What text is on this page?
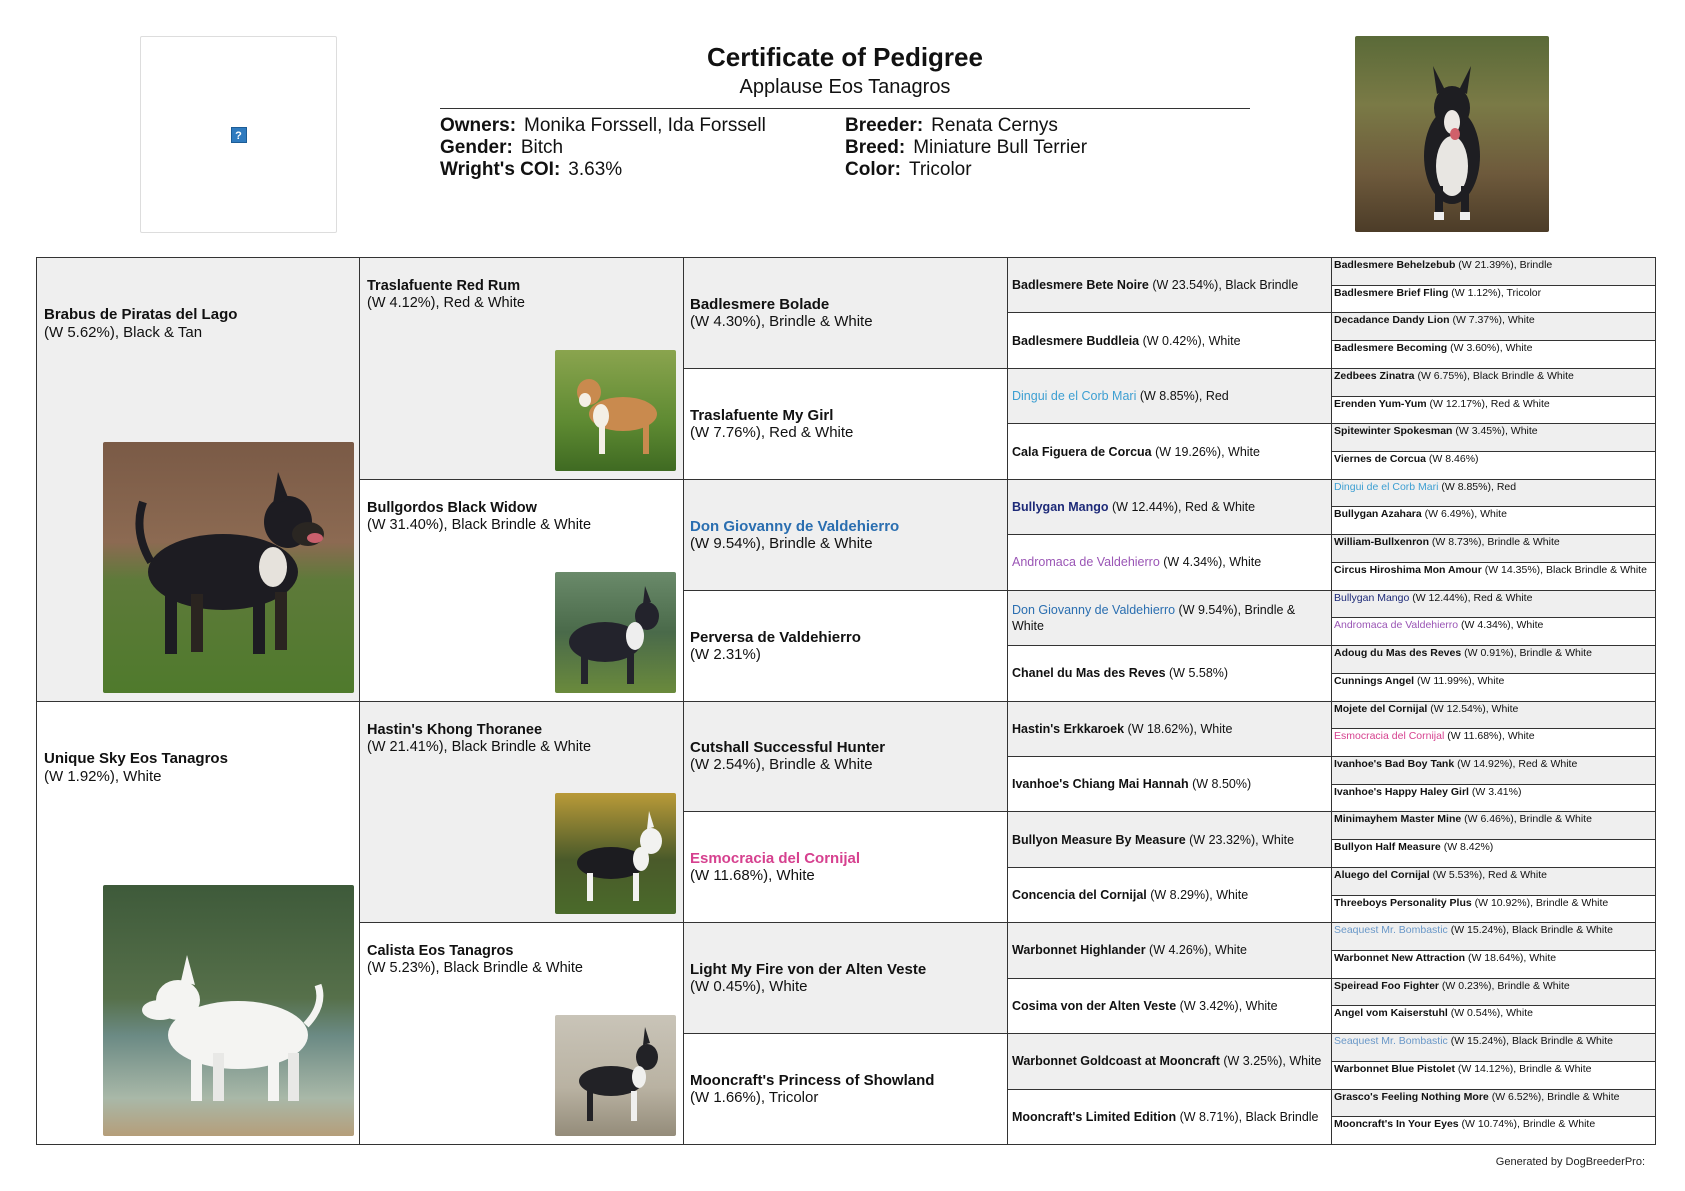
?
Certificate of Pedigree
Applause Eos Tanagros
Owners: Monika Forssell, Ida Forssell
Gender: Bitch
Wright's COI: 3.63%
Breeder: Renata Cernys
Breed: Miniature Bull Terrier
Color: Tricolor
Brabus de Piratas del Lago
(W 5.62%), Black & Tan
Unique Sky Eos Tanagros
(W 1.92%), White
Traslafuente Red Rum
(W 4.12%), Red & White
Bullgordos Black Widow
(W 31.40%), Black Brindle & White
Hastin's Khong Thoranee
(W 21.41%), Black Brindle & White
Calista Eos Tanagros
(W 5.23%), Black Brindle & White
Badlesmere Bolade
(W 4.30%), Brindle & White
Traslafuente My Girl
(W 7.76%), Red & White
Don Giovanny de Valdehierro
(W 9.54%), Brindle & White
Perversa de Valdehierro
(W 2.31%)
Cutshall Successful Hunter
(W 2.54%), Brindle & White
Esmocracia del Cornijal
(W 11.68%), White
Light My Fire von der Alten Veste
(W 0.45%), White
Mooncraft's Princess of Showland
(W 1.66%), Tricolor
Badlesmere Bete Noire (W 23.54%), Black Brindle
Badlesmere Buddleia (W 0.42%), White
Dingui de el Corb Mari (W 8.85%), Red
Cala Figuera de Corcua (W 19.26%), White
Bullygan Mango (W 12.44%), Red & White
Andromaca de Valdehierro (W 4.34%), White
Don Giovanny de Valdehierro (W 9.54%), Brindle & White
Chanel du Mas des Reves (W 5.58%)
Hastin's Erkkaroek (W 18.62%), White
Ivanhoe's Chiang Mai Hannah (W 8.50%)
Bullyon Measure By Measure (W 23.32%), White
Concencia del Cornijal (W 8.29%), White
Warbonnet Highlander (W 4.26%), White
Cosima von der Alten Veste (W 3.42%), White
Warbonnet Goldcoast at Mooncraft (W 3.25%), White
Mooncraft's Limited Edition (W 8.71%), Black Brindle
Badlesmere Behelzebub (W 21.39%), Brindle
Badlesmere Brief Fling (W 1.12%), Tricolor
Decadance Dandy Lion (W 7.37%), White
Badlesmere Becoming (W 3.60%), White
Zedbees Zinatra (W 6.75%), Black Brindle & White
Erenden Yum-Yum (W 12.17%), Red & White
Spitewinter Spokesman (W 3.45%), White
Viernes de Corcua (W 8.46%)
Dingui de el Corb Mari (W 8.85%), Red
Bullygan Azahara (W 6.49%), White
William-Bullxenron (W 8.73%), Brindle & White
Circus Hiroshima Mon Amour (W 14.35%), Black Brindle & White
Bullygan Mango (W 12.44%), Red & White
Andromaca de Valdehierro (W 4.34%), White
Adoug du Mas des Reves (W 0.91%), Brindle & White
Cunnings Angel (W 11.99%), White
Mojete del Cornijal (W 12.54%), White
Esmocracia del Cornijal (W 11.68%), White
Ivanhoe's Bad Boy Tank (W 14.92%), Red & White
Ivanhoe's Happy Haley Girl (W 3.41%)
Minimayhem Master Mine (W 6.46%), Brindle & White
Bullyon Half Measure (W 8.42%)
Aluego del Cornijal (W 5.53%), Red & White
Threeboys Personality Plus (W 10.92%), Brindle & White
Seaquest Mr. Bombastic (W 15.24%), Black Brindle & White
Warbonnet New Attraction (W 18.64%), White
Speiread Foo Fighter (W 0.23%), Brindle & White
Angel vom Kaiserstuhl (W 0.54%), White
Seaquest Mr. Bombastic (W 15.24%), Black Brindle & White
Warbonnet Blue Pistolet (W 14.12%), Brindle & White
Grasco's Feeling Nothing More (W 6.52%), Brindle & White
Mooncraft's In Your Eyes (W 10.74%), Brindle & White
Generated by DogBreederPro:
